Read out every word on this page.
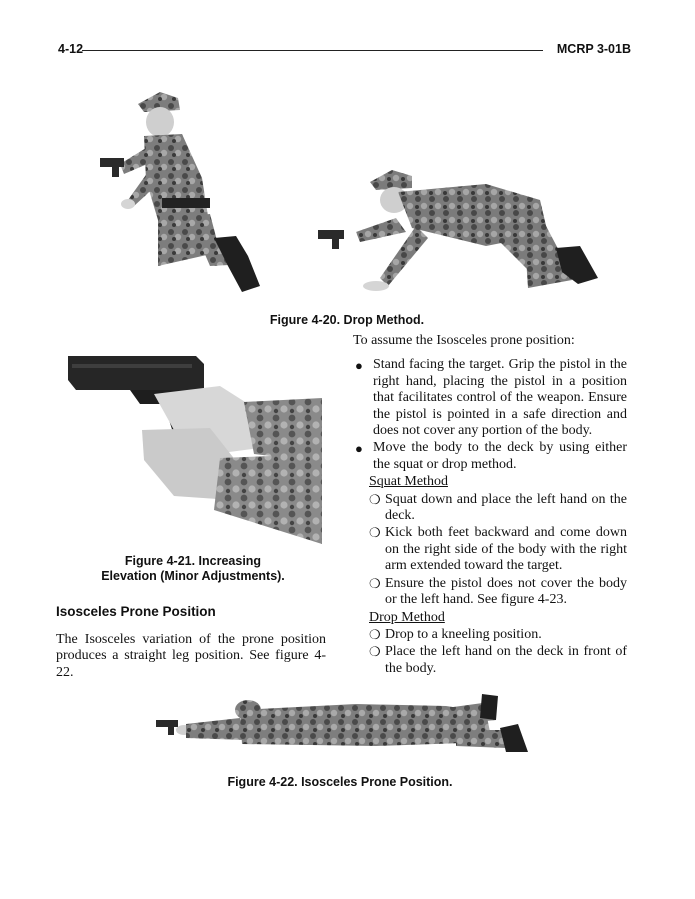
4-12	MCRP 3-01B
Figure 4-20. Drop Method.
Figure 4-21. Increasing
Elevation (Minor Adjustments).
Isosceles Prone Position
The Isosceles variation of the prone position produces a straight leg position. See figure 4-22.
To assume the Isosceles prone position:
● Stand facing the target. Grip the pistol in the right hand, placing the pistol in a position that facilitates control of the weapon. Ensure the pistol is pointed in a safe direction and does not cover any portion of the body.
● Move the body to the deck by using either the squat or drop method.
Squat Method
❍ Squat down and place the left hand on the deck.
❍ Kick both feet backward and come down on the right side of the body with the right arm extended toward the target.
❍ Ensure the pistol does not cover the body or the left hand. See figure 4-23.
Drop Method
❍ Drop to a kneeling position.
❍ Place the left hand on the deck in front of the body.
Figure 4-22. Isosceles Prone Position.
